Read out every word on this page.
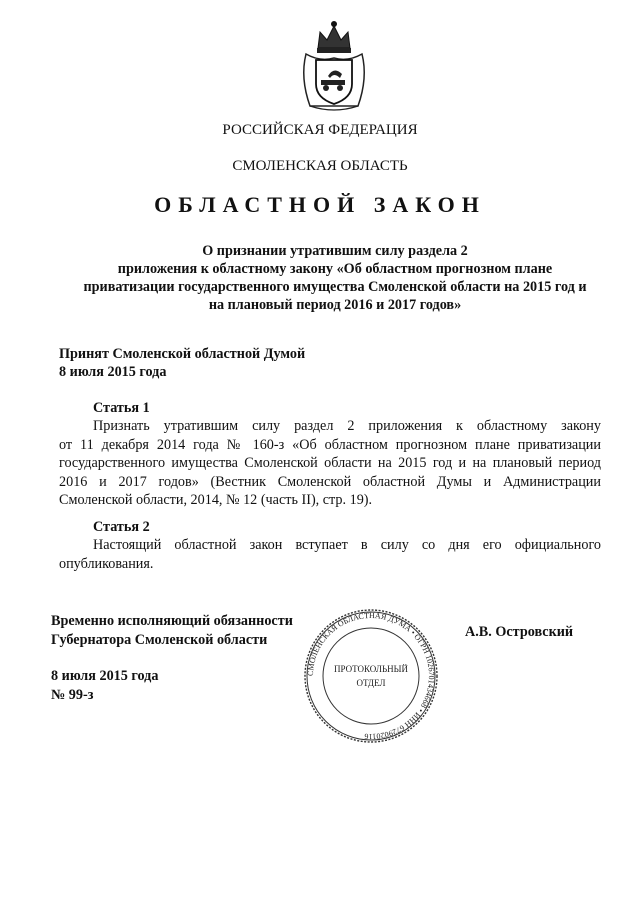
РОССИЙСКАЯ ФЕДЕРАЦИЯ
СМОЛЕНСКАЯ ОБЛАСТЬ
ОБЛАСТНОЙ ЗАКОН
О признании утратившим силу раздела 2
приложения к областному закону «Об областном прогнозном плане
приватизации государственного имущества Смоленской области на 2015 год и
на плановый период 2016 и 2017 годов»
Принят Смоленской областной Думой
8 июля 2015 года
Статья 1
Признать утратившим силу раздел 2 приложения к областному закону
от 11 декабря 2014 года № 160-з «Об областном прогнозном плане приватизации
государственного имущества Смоленской области на 2015 год и на плановый период
2016 и 2017 годов» (Вестник Смоленской областной Думы и Администрации
Смоленской области, 2014, № 12 (часть II), стр. 19).
Статья 2
Настоящий областной закон вступает в силу со дня его официального
опубликования.
Временно исполняющий обязанности
Губернатора Смоленской области	А.В. Островский
8 июля 2015 года
№ 99-з
СМОЛЕНСКАЯ ОБЛАСТНАЯ ДУМА • ОГРН 1026701434668 • ИНН 6729020116
ПРОТОКОЛЬНЫЙ
ОТДЕЛ
